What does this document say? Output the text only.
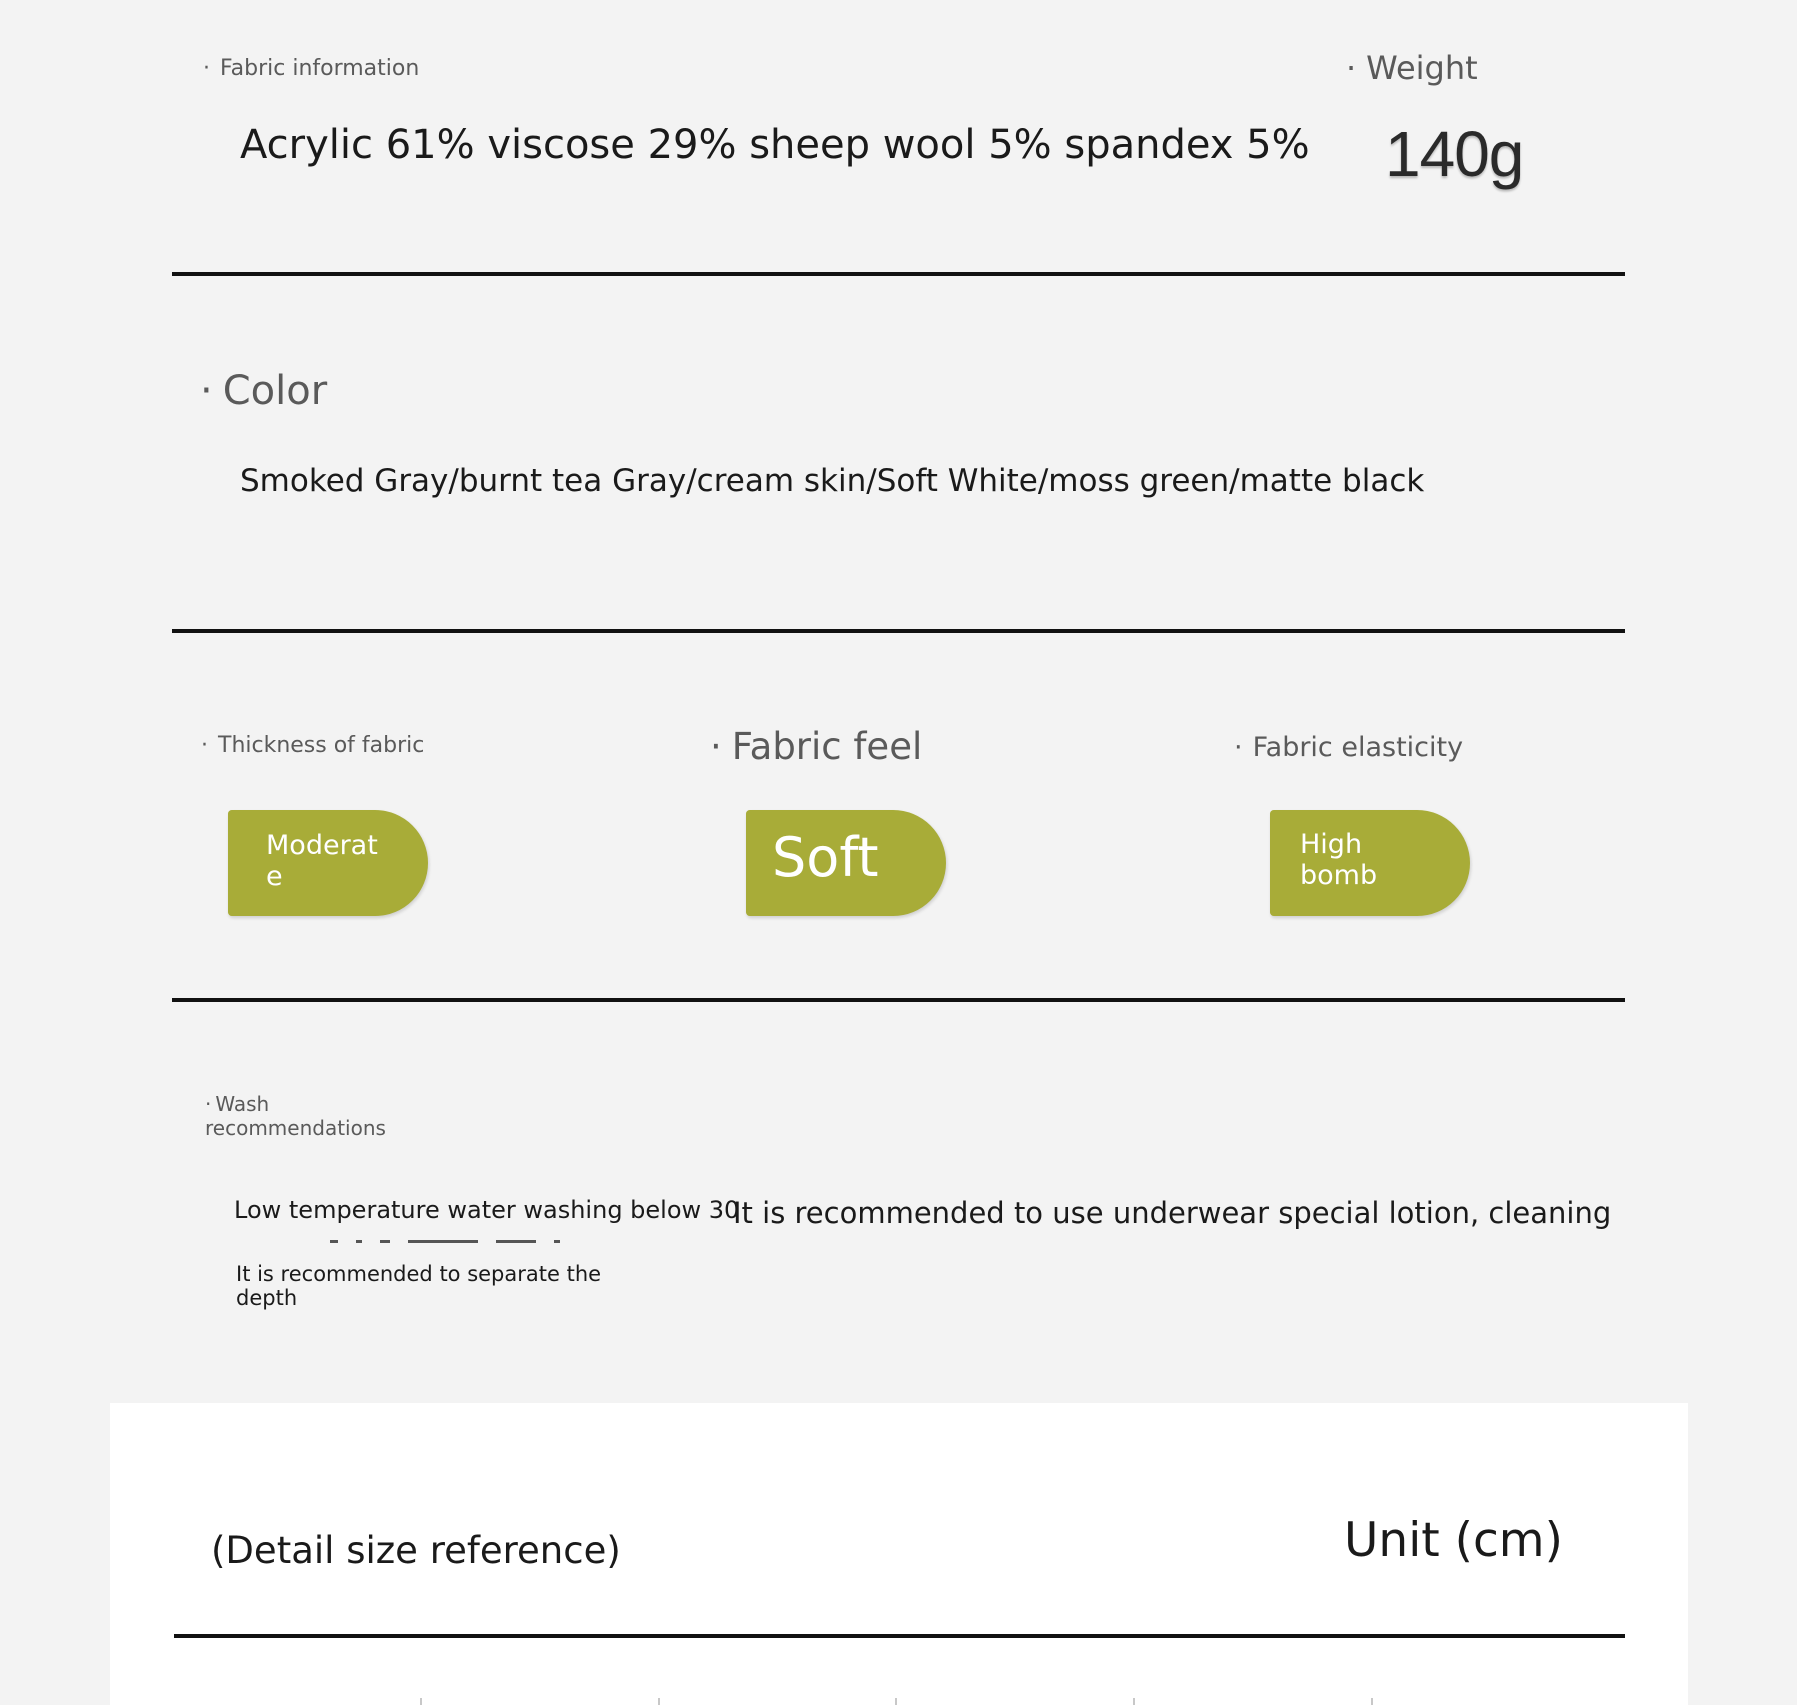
· Fabric information
Acrylic 61% viscose 29% sheep wool 5% spandex 5%
· Weight
140g
· Color
Smoked Gray/burnt tea Gray/cream skin/Soft White/moss green/matte black
· Thickness of fabric	· Fabric feel	· Fabric elasticity
Moderate	Soft	High bomb
· Wash recommendations
Low temperature water washing below 30
It is recommended to use underwear special lotion, cleaning
It is recommended to separate the depth
(Detail size reference)	Unit (cm)
